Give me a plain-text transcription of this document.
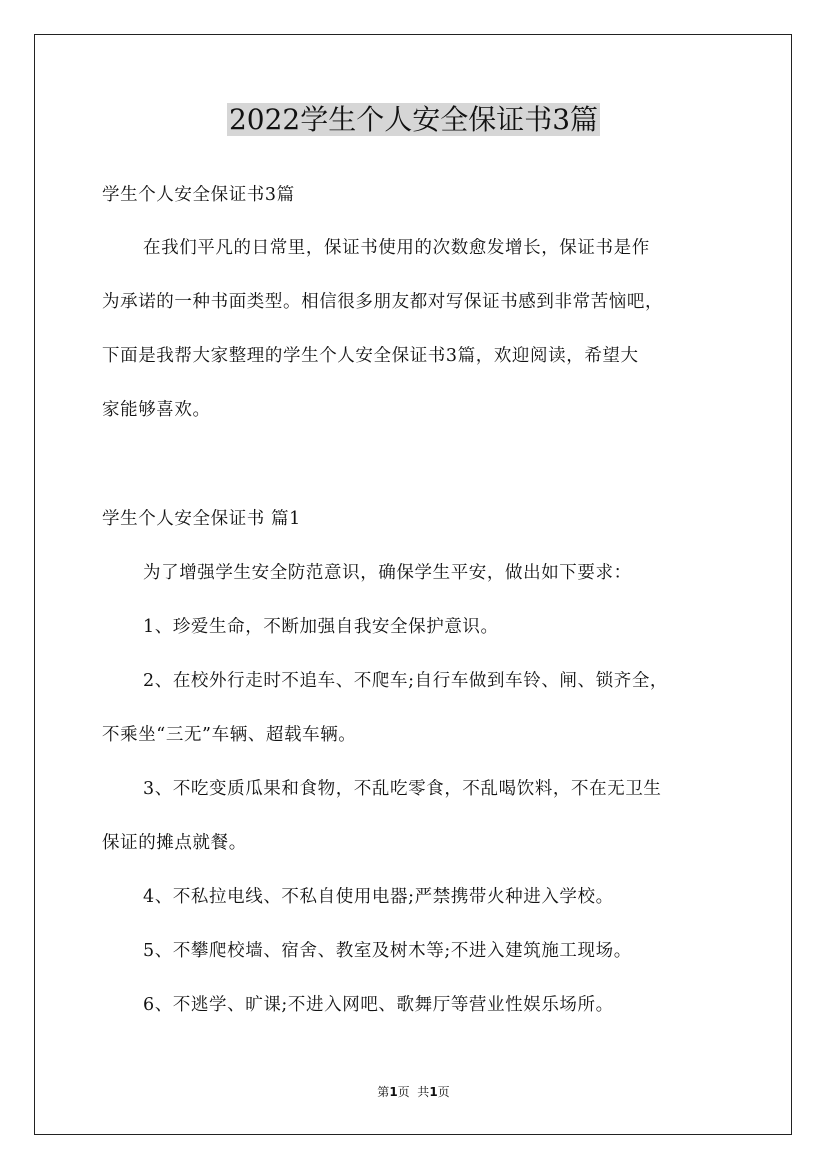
2022学生个人安全保证书3篇
学生个人安全保证书3篇
在我们平凡的日常里，保证书使用的次数愈发增长，保证书是作
为承诺的一种书面类型。相信很多朋友都对写保证书感到非常苦恼吧，
下面是我帮大家整理的学生个人安全保证书3篇，欢迎阅读，希望大
家能够喜欢。
学生个人安全保证书 篇1
为了增强学生安全防范意识，确保学生平安，做出如下要求：
1、珍爱生命，不断加强自我安全保护意识。
2、在校外行走时不追车、不爬车;自行车做到车铃、闸、锁齐全，
不乘坐“三无”车辆、超载车辆。
3、不吃变质瓜果和食物，不乱吃零食，不乱喝饮料，不在无卫生
保证的摊点就餐。
4、不私拉电线、不私自使用电器;严禁携带火种进入学校。
5、不攀爬校墙、宿舍、教室及树木等;不进入建筑施工现场。
6、不逃学、旷课;不进入网吧、歌舞厅等营业性娱乐场所。
第1页  共1页
